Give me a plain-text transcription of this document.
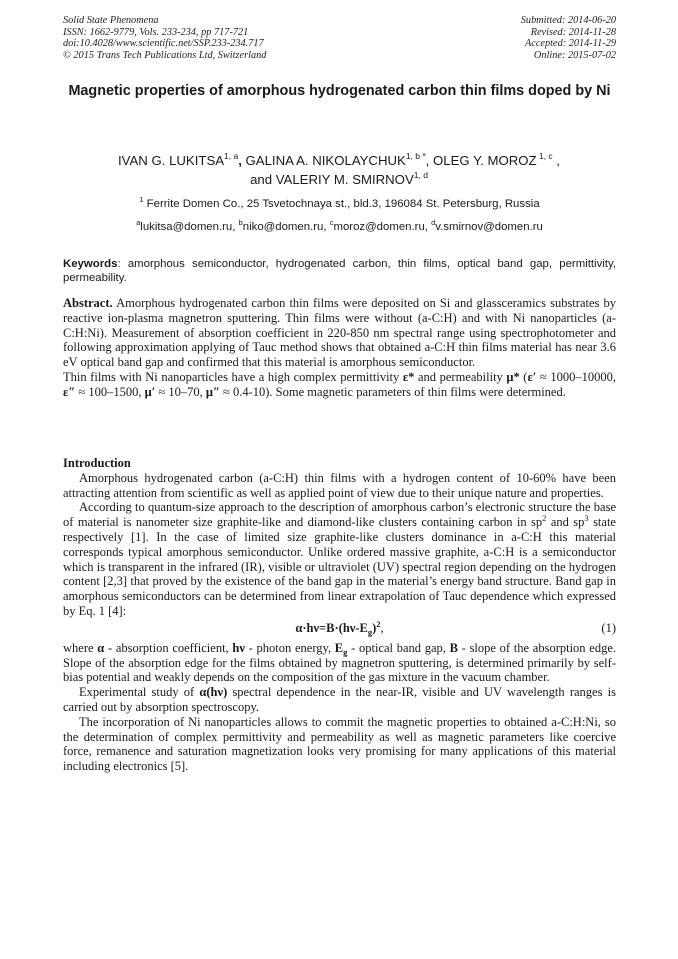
Solid State Phenomena
ISSN: 1662-9779, Vols. 233-234, pp 717-721
doi:10.4028/www.scientific.net/SSP.233-234.717
© 2015 Trans Tech Publications Ltd, Switzerland
Submitted: 2014-06-20
Revised: 2014-11-28
Accepted: 2014-11-29
Online: 2015-07-02
Magnetic properties of amorphous hydrogenated carbon thin films doped by Ni
IVAN G. LUKITSA$^{1, a}$, GALINA A. $NIKOLAYCHUK^{1, b *}$, OLEG Y. MOROZ $^{1, c}$ ,
and VALERIY M. SMIRNOV$^{1, d}$
$^1$ Ferrite Domen Co., 25 Tsvetochnaya st., bld.3, 196084 St. Petersburg, Russia
$^a$lukitsa@domen.ru, $^b$niko@domen.ru, $^c$moroz@domen.ru, $^d$v.smirnov@domen.ru
Keywords: amorphous semiconductor, hydrogenated carbon, thin films, optical band gap, permittivity, permeability.

Abstract. Amorphous hydrogenated carbon thin films were deposited on Si and glassceramics substrates by reactive ion-plasma magnetron sputtering. Thin films were without (a-C:H) and with Ni nanoparticles (a-C:H:Ni). Measurement of absorption coefficient in 220-850 nm spectral range using spectrophotometer and following approximation applying of Tauc method shows that obtained a-C:H thin films material has near 3.6 eV optical band gap and confirmed that this material is amorphous semiconductor.

Thin films with Ni nanoparticles have a high complex permittivity ε* and permeability μ* (ε′ ≈ 1000–10000, ε″ ≈ 100–1500, μ′ ≈ 10–70, μ″ ≈ 0.4-10). Some magnetic parameters of thin films were determined.

Introduction

Amorphous hydrogenated carbon (a-C:H) thin films with a hydrogen content of 10-60% have been attracting attention from scientific as well as applied point of view due to their unique nature and properties.

According to quantum-size approach to the description of amorphous carbon’s electronic structure the base of material is nanometer size graphite-like and diamond-like clusters containing carbon in $sp^2$ and $sp^3$ state respectively [1]. In the case of limited size graphite-like clusters dominance in a-C:H this material corresponds typical amorphous semiconductor. Unlike ordered massive graphite, a-C:H is a semiconductor which is transparent in the infrared (IR), visible or ultraviolet (UV) spectral region depending on the hydrogen content [2,3] that proved by the existence of the band gap in the material’s energy band structure. Band gap in amorphous semiconductors can be determined from linear extrapolation of Tauc dependence which expressed by Eq. 1 [4]:

$\alpha\cdot h\nu=B\cdot(h\nu-E_g)^2$,	(1)

where α - absorption coefficient, hν - photon energy, $E_g$ - optical band gap, B - slope of the absorption edge. Slope of the absorption edge for the films obtained by magnetron sputtering, is determined primarily by self-bias potential and weakly depends on the composition of the gas mixture in the vacuum chamber.

Experimental study of α(hν) spectral dependence in the near-IR, visible and UV wavelength ranges is carried out by absorption spectroscopy.

The incorporation of Ni nanoparticles allows to commit the magnetic properties to obtained a-C:H:Ni, so the determination of complex permittivity and permeability as well as magnetic parameters like coercive force, remanence and saturation magnetization looks very promising for many applications of this material including electronics [5].
